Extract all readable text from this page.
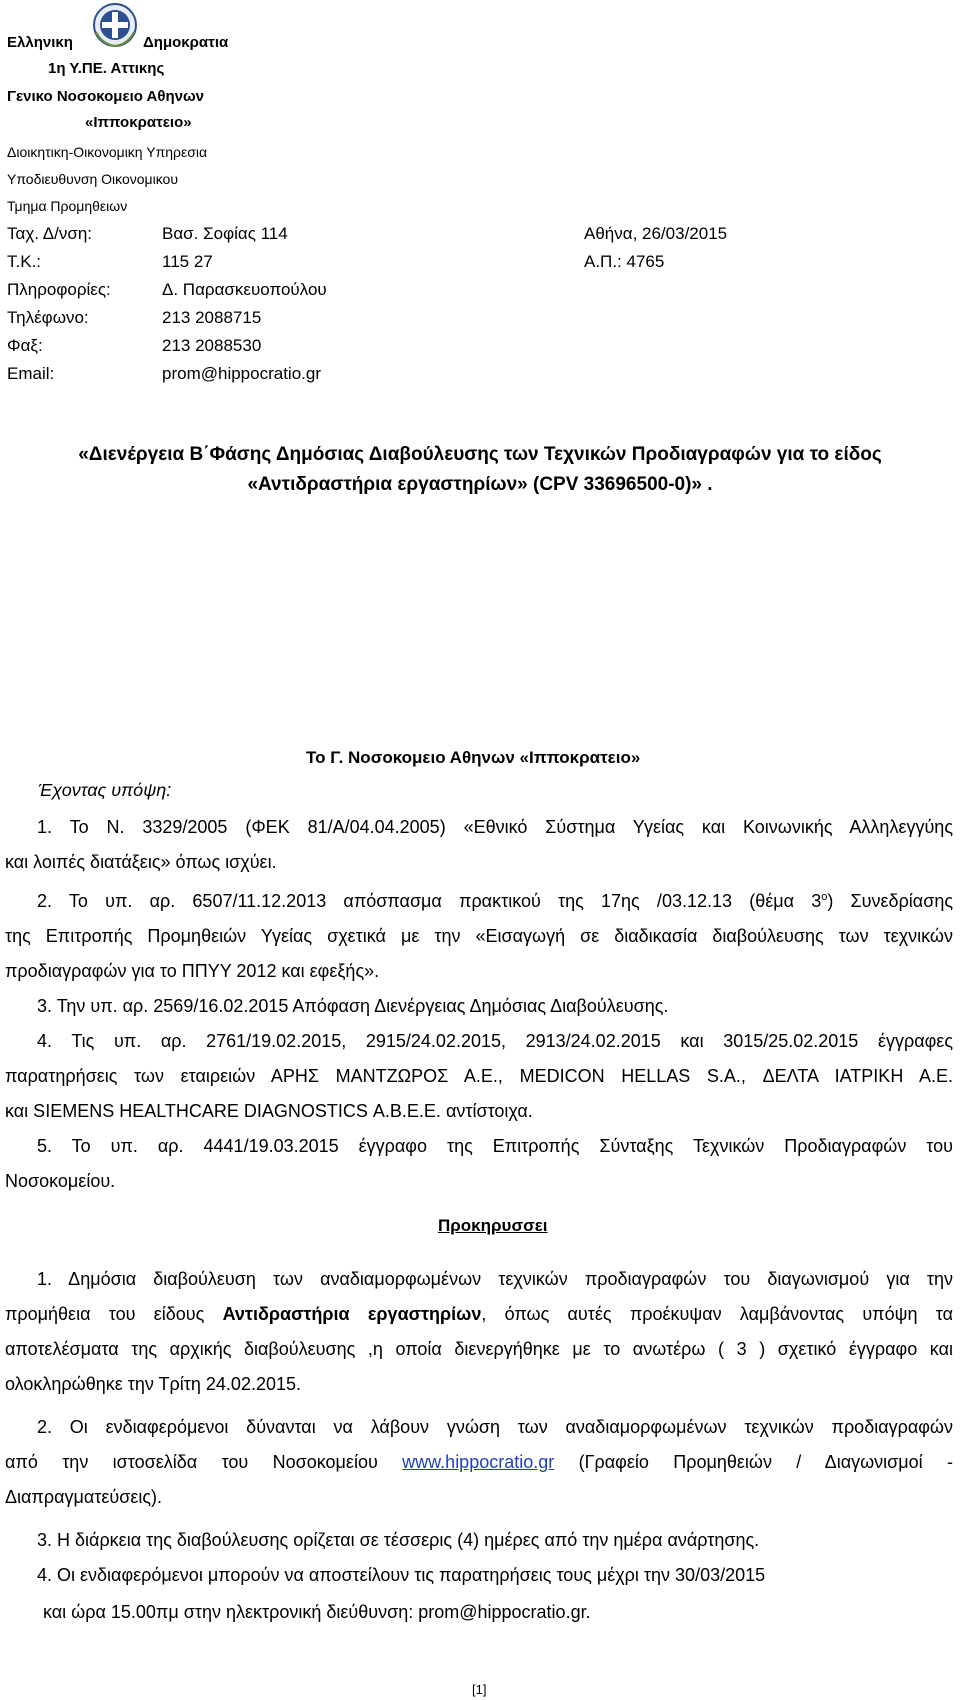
Ελληνικη	Δημοκρατια
1η Υ.ΠΕ. Αττικης
Γενικο Νοσοκομειο Αθηνων
«Ιπποκρατειο»
Διοικητικη-Οικονομικη Υπηρεσια
Υποδιευθυνση Οικονομικου
Τμημα Προμηθειων
Ταχ. Δ/νση:	Βασ. Σοφίας 114	Αθήνα, 26/03/2015
Τ.Κ.:	115 27	Α.Π.: 4765
Πληροφορίες:	Δ. Παρασκευοπούλου
Τηλέφωνο:	213 2088715
Φαξ:	213 2088530
Email:	prom@hippocratio.gr
«Διενέργεια Β΄Φάσης Δημόσιας Διαβούλευσης των Τεχνικών Προδιαγραφών για το είδος
«Αντιδραστήρια εργαστηρίων» (CPV 33696500-0)» .
Το Γ. Νοσοκομειο Αθηνων «Ιπποκρατειο»
Έχοντας υπόψη:
1. Το Ν. 3329/2005 (ΦΕΚ 81/Α/04.04.2005) «Εθνικό Σύστημα Υγείας και Κοινωνικής Αλληλεγγύης
και λοιπές διατάξεις» όπως ισχύει.
2. Το υπ. αρ. 6507/11.12.2013 απόσπασμα πρακτικού της 17ης /03.12.13 (θέμα $3^o$) Συνεδρίασης
της Επιτροπής Προμηθειών Υγείας σχετικά με την «Εισαγωγή σε διαδικασία διαβούλευσης των τεχνικών
προδιαγραφών για το ΠΠΥΥ 2012 και εφεξής».
3. Την υπ. αρ. 2569/16.02.2015 Απόφαση Διενέργειας Δημόσιας Διαβούλευσης.
4. Τις υπ. αρ. 2761/19.02.2015, 2915/24.02.2015, 2913/24.02.2015 και 3015/25.02.2015 έγγραφες
παρατηρήσεις των εταιρειών ΑΡΗΣ ΜΑΝΤΖΩΡΟΣ Α.Ε., MEDICON HELLAS S.A., ΔΕΛΤΑ ΙΑΤΡΙΚΗ Α.Ε.
και SIEMENS HEALTHCARE DIAGNOSTICS Α.Β.Ε.Ε. αντίστοιχα.
5. Το υπ. αρ. 4441/19.03.2015 έγγραφο της Επιτροπής Σύνταξης Τεχνικών Προδιαγραφών του
Νοσοκομείου.
Προκηρυσσει
1. Δημόσια διαβούλευση των αναδιαμορφωμένων τεχνικών προδιαγραφών του διαγωνισμού για την
προμήθεια του είδους Αντιδραστήρια εργαστηρίων, όπως αυτές προέκυψαν λαμβάνοντας υπόψη τα
αποτελέσματα της αρχικής διαβούλευσης ,η οποία διενεργήθηκε με το ανωτέρω ( 3 ) σχετικό έγγραφο και
ολοκληρώθηκε την Τρίτη 24.02.2015.
2. Οι ενδιαφερόμενοι δύνανται να λάβουν γνώση των αναδιαμορφωμένων τεχνικών προδιαγραφών
από την ιστοσελίδα του Νοσοκομείου www.hippocratio.gr (Γραφείο Προμηθειών / Διαγωνισμοί -
Διαπραγματεύσεις).
3. Η διάρκεια της διαβούλευσης ορίζεται σε τέσσερις (4) ημέρες από την ημέρα ανάρτησης.
4. Οι ενδιαφερόμενοι μπορούν να αποστείλουν τις παρατηρήσεις τους μέχρι την 30/03/2015
και ώρα 15.00πμ στην ηλεκτρονική διεύθυνση: prom@hippocratio.gr.
[1]
